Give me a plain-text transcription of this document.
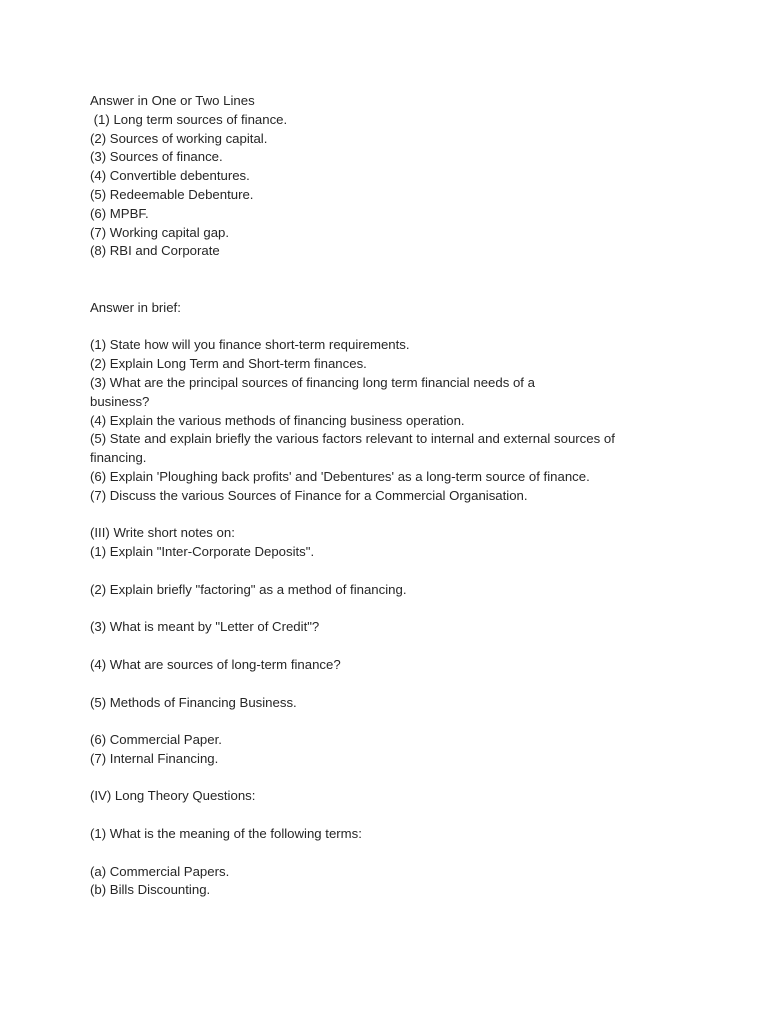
Answer in One or Two Lines
(1) Long term sources of finance.
(2) Sources of working capital.
(3) Sources of finance.
(4) Convertible debentures.
(5) Redeemable Debenture.
(6) MPBF.
(7) Working capital gap.
(8) RBI and Corporate
Answer in brief:
(1) State how will you finance short-term requirements.
(2) Explain Long Term and Short-term finances.
(3) What are the principal sources of financing long term financial needs of a
business?
(4) Explain the various methods of financing business operation.
(5) State and explain briefly the various factors relevant to internal and external sources of
financing.
(6) Explain 'Ploughing back profits' and 'Debentures' as a long-term source of finance.
(7) Discuss the various Sources of Finance for a Commercial Organisation.
(III) Write short notes on:
(1) Explain "Inter-Corporate Deposits".
(2) Explain briefly "factoring" as a method of financing.
(3) What is meant by "Letter of Credit"?
(4) What are sources of long-term finance?
(5) Methods of Financing Business.
(6) Commercial Paper.
(7) Internal Financing.
(IV) Long Theory Questions:
(1) What is the meaning of the following terms:
(a) Commercial Papers.
(b) Bills Discounting.
